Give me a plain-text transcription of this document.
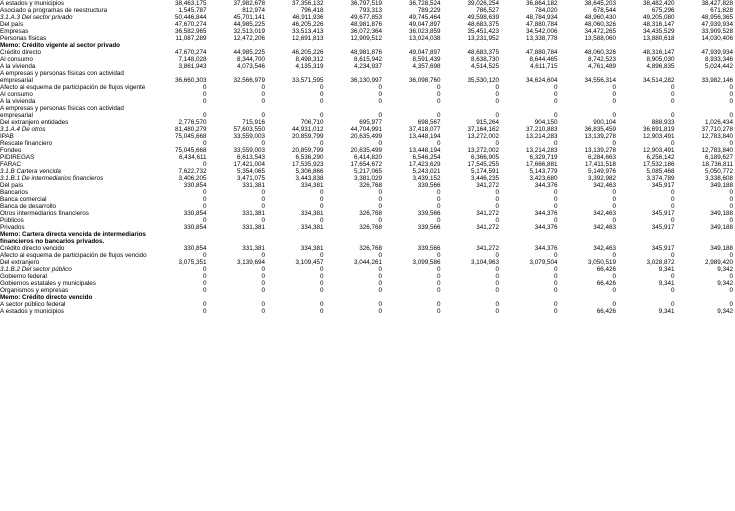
A estados y municipios	38,463,175	37,982,678	37,356,132	36,797,519	36,728,524	39,026,254	36,864,182	38,645,203	38,482,420	38,427,828
Asociado a programas de reestructura	1,545,787	812,974	796,418	793,313	789,229	786,527	784,020	678,544	675,296	671,828
3.1.A.3 Del sector privado	50,446,844	45,701,141	46,911,936	49,677,853	49,745,464	49,598,639	48,784,934	48,960,430	49,205,080	48,956,365
Del país	47,670,274	44,985,225	46,205,226	48,981,876	49,047,897	48,683,375	47,880,784	48,060,326	48,316,147	47,939,934
Empresas	36,582,965	32,513,019	33,513,413	36,072,364	36,023,859	35,451,423	34,542,006	34,472,265	34,435,529	33,909,528
Personas físicas	11,087,289	12,472,206	12,691,813	12,909,512	13,024,038	13,231,952	13,338,778	13,588,060	13,880,618	14,030,406
Memo: Crédito vigente al sector privado										
Crédito directo	47,670,274	44,985,225	46,205,226	48,981,876	49,047,897	48,683,375	47,880,784	48,060,326	48,316,147	47,939,934
Al consumo	7,148,028	8,344,700	8,498,312	8,615,942	8,591,439	8,638,730	8,644,465	8,742,523	8,905,030	8,933,346
A la vivienda	3,861,943	4,073,546	4,135,319	4,234,937	4,357,698	4,514,525	4,611,715	4,761,489	4,896,835	5,024,442
A empresas y personas físicas con actividad empresarial	36,660,303	32,566,979	33,571,595	36,130,997	36,098,760	35,530,120	34,624,604	34,556,314	34,514,282	33,982,146
Afecto al esquema de participación de flujos vigente	0	0	0	0	0	0	0	0	0	0
Al consumo	0	0	0	0	0	0	0	0	0	0
A la vivienda	0	0	0	0	0	0	0	0	0	0
A empresas y personas físicas con actividad empresarial	0	0	0	0	0	0	0	0	0	0
Del extranjero entidades	2,776,570	715,916	706,710	695,977	698,567	915,264	904,150	900,104	888,933	1,026,434
3.1.A.4 De otros	81,480,279	57,603,550	44,931,012	44,704,991	37,418,077	37,164,162	37,210,883	36,835,459	36,691,819	37,710,278
IPAB	75,045,668	33,559,003	20,859,799	20,635,499	13,448,194	13,272,002	13,214,283	13,139,278	12,903,491	12,783,840
Rescate financiero	0	0	0	0	0	0	0	0	0	0
Fondeo	75,045,668	33,559,003	20,859,799	20,635,499	13,448,194	13,272,002	13,214,283	13,139,278	12,903,491	12,783,840
PIDIREGAS	6,434,611	6,613,543	6,536,290	6,414,820	6,546,254	6,366,905	6,329,719	6,284,663	6,256,142	6,189,627
FARAC	0	17,421,004	17,535,923	17,654,672	17,423,629	17,545,255	17,666,881	17,411,518	17,532,186	18,736,811
3.1.B Cartera vencida	7,622,732	5,354,065	5,306,866	5,217,065	5,243,021	5,174,591	5,143,779	5,149,976	5,085,468	5,050,772
3.1.B.1 De intermediarios financieros	3,406,205	3,471,075	3,443,838	3,381,029	3,439,152	3,446,235	3,423,680	3,392,982	3,374,789	3,338,608
Del país	330,854	331,381	334,381	326,768	339,566	341,272	344,376	342,463	345,917	349,188
Bancarios	0	0	0	0	0	0	0	0	0	0
Banca comercial	0	0	0	0	0	0	0	0	0	0
Banca de desarrollo	0	0	0	0	0	0	0	0	0	0
Otros intermediarios financieros	330,854	331,381	334,381	326,768	339,566	341,272	344,376	342,463	345,917	349,188
Públicos	0	0	0	0	0	0	0	0	0	0
Privados	330,854	331,381	334,381	326,768	339,566	341,272	344,376	342,463	345,917	349,188
Memo: Cartera directa vencida de intermediarios financieros no bancarios privados.										
Crédito directo vencido	330,854	331,381	334,381	326,768	339,566	341,272	344,376	342,463	345,917	349,188
Afecto al esquema de participación de flujos vencido	0	0	0	0	0	0	0	0	0	0
Del extranjero	3,075,351	3,139,694	3,109,457	3,044,261	3,099,586	3,104,963	3,079,504	3,050,519	3,028,872	2,989,420
3.1.B.2 Del sector público	0	0	0	0	0	0	0	66,426	9,341	9,342
Gobierno federal	0	0	0	0	0	0	0	0	0	0
Gobiernos estatales y municipales	0	0	0	0	0	0	0	66,426	9,341	9,342
Organismos y empresas	0	0	0	0	0	0	0	0	0	0
Memo: Crédito directo vencido										
A sector público federal	0	0	0	0	0	0	0	0	0	0
A estados y municipios	0	0	0	0	0	0	0	66,426	9,341	9,342
